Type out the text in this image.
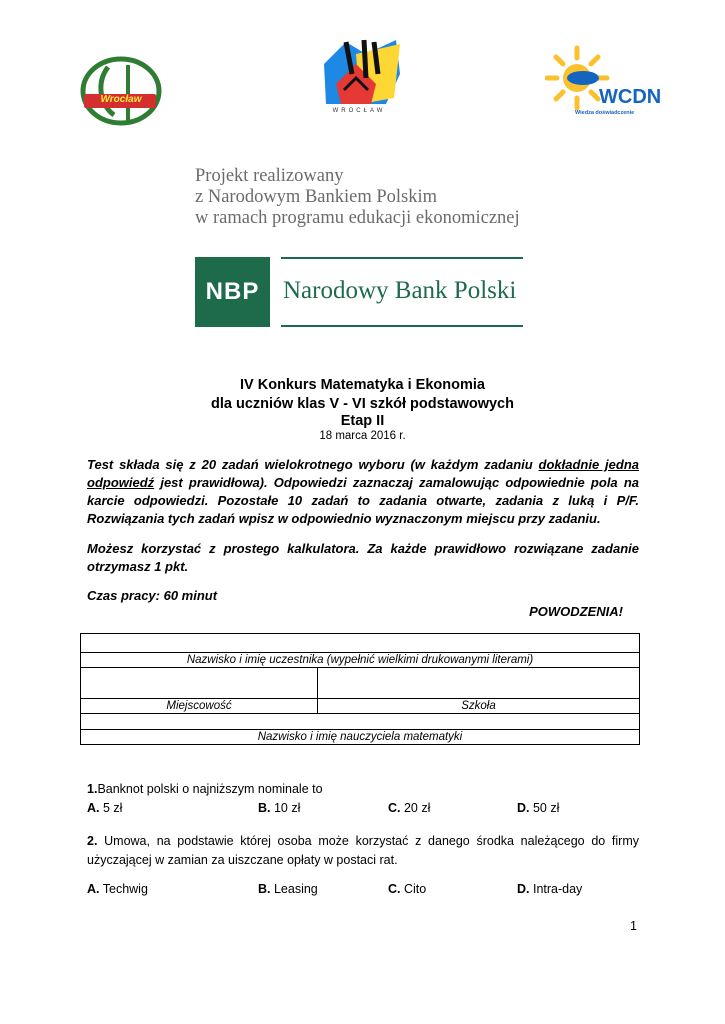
Wrocław
WROCŁAW
WCDN
Wiedza doświadczenie
Projekt realizowany
z Narodowym Bankiem Polskim
w ramach programu edukacji ekonomicznej
NBP Narodowy Bank Polski
IV Konkurs Matematyka i Ekonomia
dla uczniów klas V - VI szkół podstawowych
Etap II
18 marca 2016 r.
Test składa się z 20 zadań wielokrotnego wyboru (w każdym zadaniu dokładnie jedna odpowiedź jest prawidłowa). Odpowiedzi zaznaczaj zamalowując odpowiednie pola na karcie odpowiedzi. Pozostałe 10 zadań to zadania otwarte, zadania z luką i P/F. Rozwiązania tych zadań wpisz w odpowiednio wyznaczonym miejscu przy zadaniu.
Możesz korzystać z prostego kalkulatora. Za każde prawidłowo rozwiązane zadanie otrzymasz 1 pkt.
Czas pracy: 60 minut
POWODZENIA!

Nazwisko i imię uczestnika (wypełnić wielkimi drukowanymi literami)	

Miejscowość	Szkoła

Nazwisko i imię nauczyciela matematyki	
1.Banknot polski o najniższym nominale to
A. 5 zł	B. 10 zł	C. 20 zł	D. 50 zł
2. Umowa, na podstawie której osoba może korzystać z danego środka należącego do firmy użyczającej w zamian za uiszczane opłaty w postaci rat.
A. Techwig	B. Leasing	C. Cito	D. Intra-day
1
